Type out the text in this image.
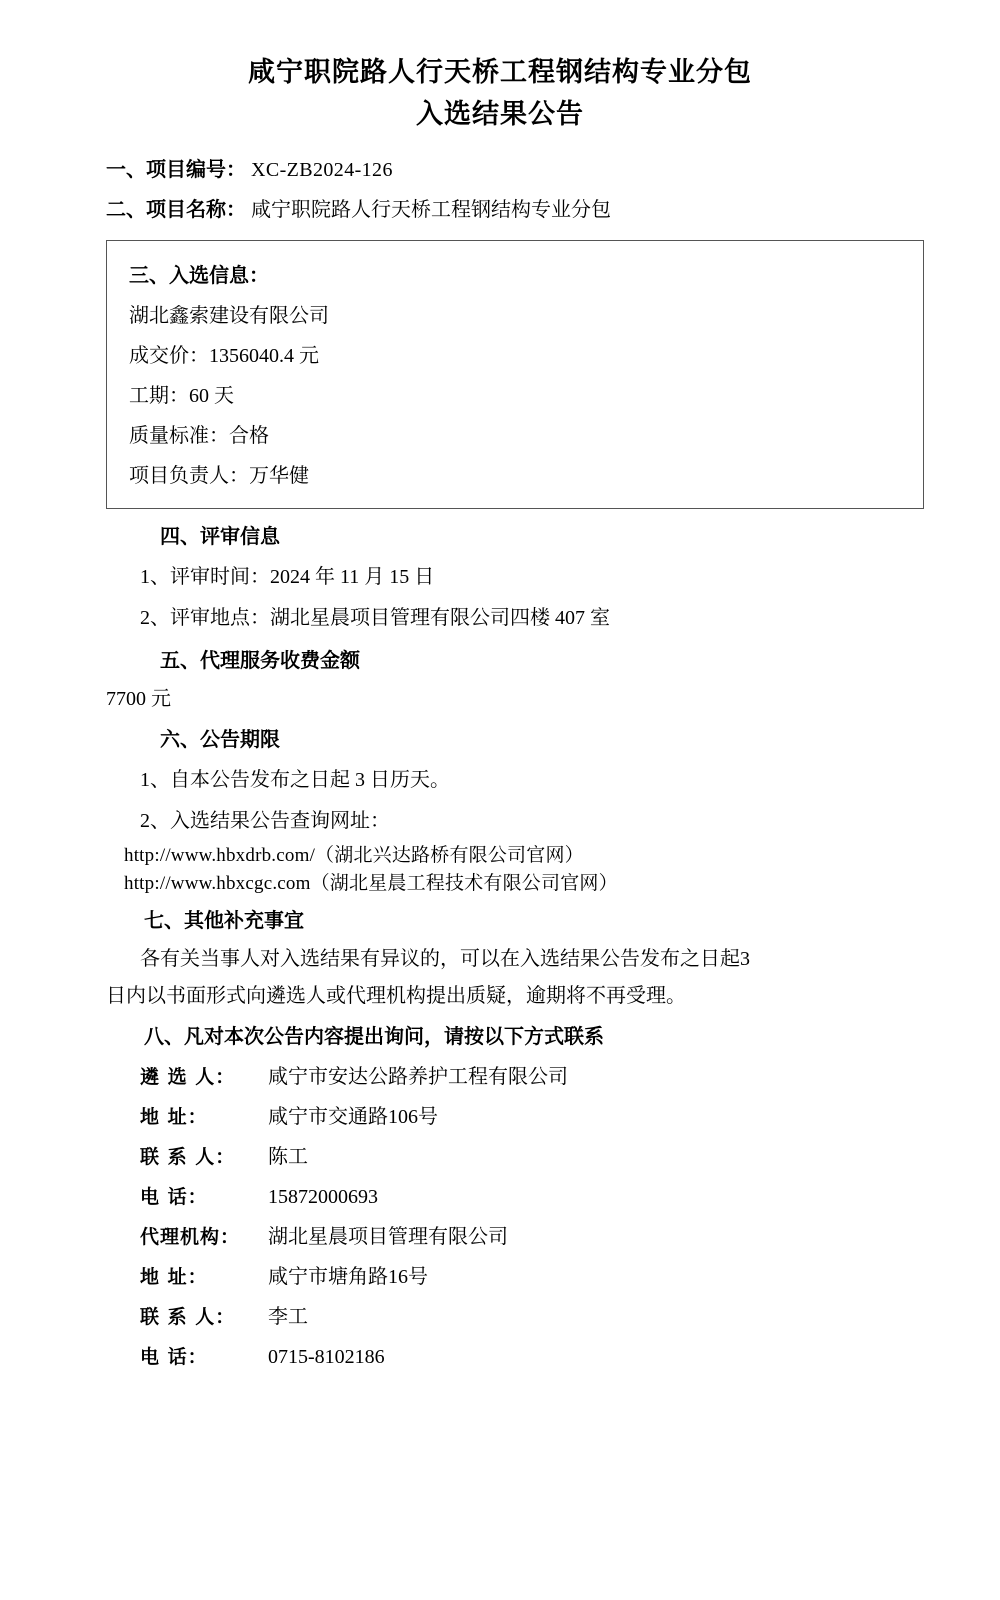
咸宁职院路人行天桥工程钢结构专业分包
入选结果公告
一、项目编号： XC-ZB2024-126
二、项目名称： 咸宁职院路人行天桥工程钢结构专业分包
三、入选信息：
湖北鑫索建设有限公司
成交价：1356040.4 元
工期：60 天
质量标准：合格
项目负责人：万华健
四、评审信息
1、评审时间：2024 年 11 月 15 日
2、评审地点：湖北星晨项目管理有限公司四楼 407 室
五、代理服务收费金额
7700 元
六、公告期限
1、自本公告发布之日起 3 日历天。
2、入选结果公告查询网址：
http://www.hbxdrb.com/（湖北兴达路桥有限公司官网）
http://www.hbxcgc.com（湖北星晨工程技术有限公司官网）
七、其他补充事宜
各有关当事人对入选结果有异议的，可以在入选结果公告发布之日起3
日内以书面形式向遴选人或代理机构提出质疑，逾期将不再受理。
八、凡对本次公告内容提出询问，请按以下方式联系
遴 选 人： 咸宁市安达公路养护工程有限公司
地 址：	咸宁市交通路106号
联 系 人： 陈工
电 话：	15872000693
代理机构： 湖北星晨项目管理有限公司
地 址：	咸宁市塘角路16号
联 系 人： 李工
电 话：	0715-8102186
